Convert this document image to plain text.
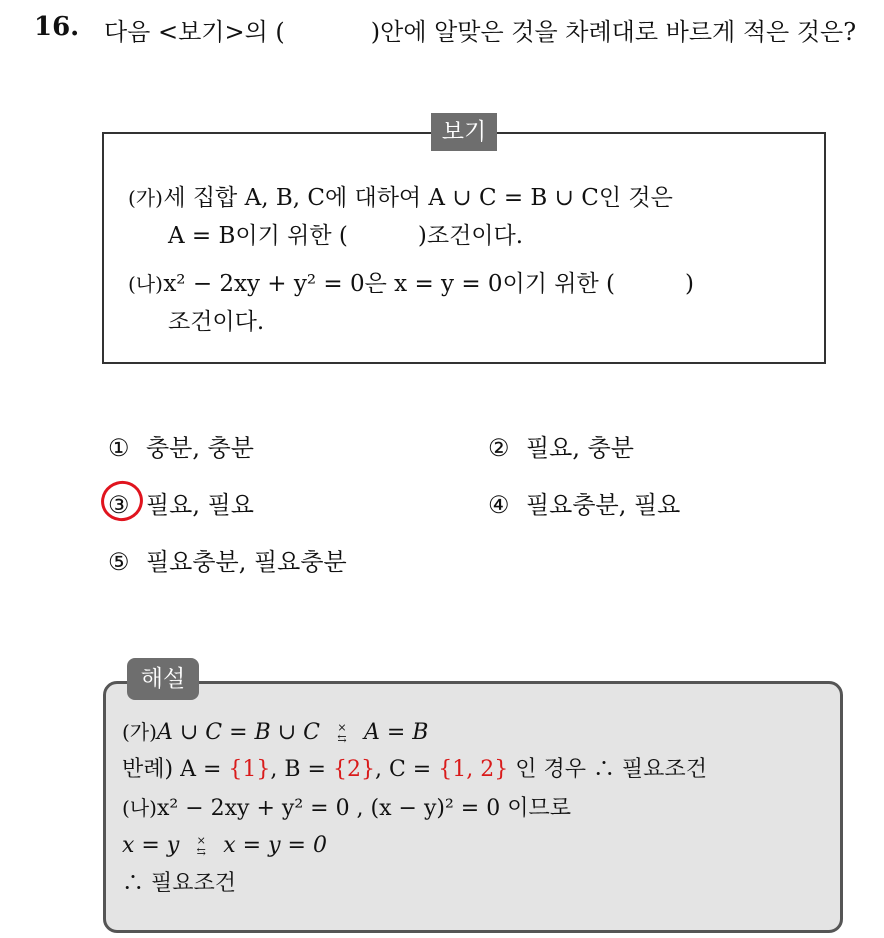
16. 다음 <보기>의 (	)안에 알맞은 것을 차례대로 바르게 적은 것은?
보기
(가) 세 집합 A, B, C에 대하여 A ∪ C = B ∪ C인 것은
A = B이기 위한 (	)조건이다.
(나) x² − 2xy + y² = 0은 x = y = 0이기 위한 (	)
조건이다.
① 충분, 충분	② 필요, 충분
③ 필요, 필요	④ 필요충분, 필요
⑤ 필요충분, 필요충분
해설
(가) A ∪ C = B ∪ C ×
⇆ A = B
반례) A = {1}, B = {2}, C = {1, 2} 인 경우 ∴ 필요조건
(나) x² − 2xy + y² = 0 , (x − y)² = 0 이므로
x = y ×
⇆ x = y = 0
∴ 필요조건
